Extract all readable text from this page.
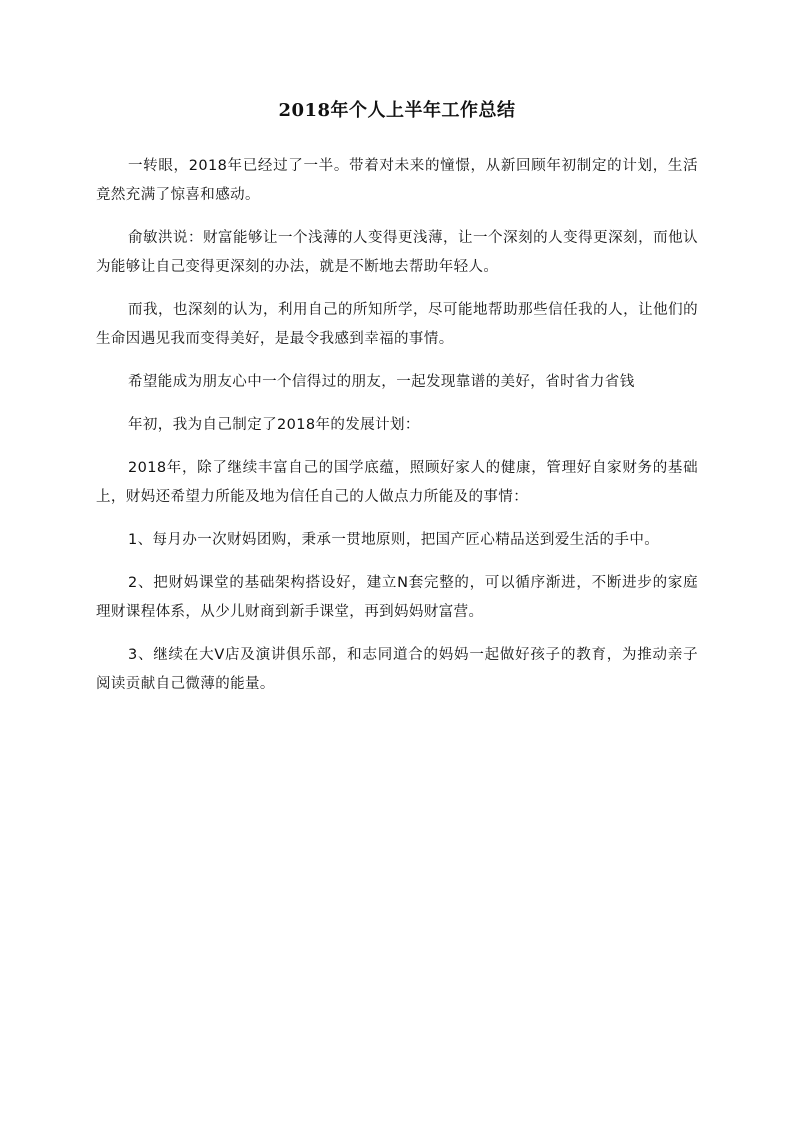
2018年个人上半年工作总结

一转眼，2018年已经过了一半。带着对未来的憧憬，从新回顾年初制定的计划，生活竟然充满了惊喜和感动。

俞敏洪说：财富能够让一个浅薄的人变得更浅薄，让一个深刻的人变得更深刻，而他认为能够让自己变得更深刻的办法，就是不断地去帮助年轻人。

而我，也深刻的认为，利用自己的所知所学，尽可能地帮助那些信任我的人，让他们的生命因遇见我而变得美好，是最令我感到幸福的事情。

希望能成为朋友心中一个信得过的朋友，一起发现靠谱的美好，省时省力省钱

年初，我为自己制定了2018年的发展计划：

2018年，除了继续丰富自己的国学底蕴，照顾好家人的健康，管理好自家财务的基础上，财妈还希望力所能及地为信任自己的人做点力所能及的事情：

1、每月办一次财妈团购，秉承一贯地原则，把国产匠心精品送到爱生活的手中。

2、把财妈课堂的基础架构搭设好，建立N套完整的，可以循序渐进，不断进步的家庭理财课程体系，从少儿财商到新手课堂，再到妈妈财富营。

3、继续在大V店及演讲俱乐部，和志同道合的妈妈一起做好孩子的教育，为推动亲子阅读贡献自己微薄的能量。
